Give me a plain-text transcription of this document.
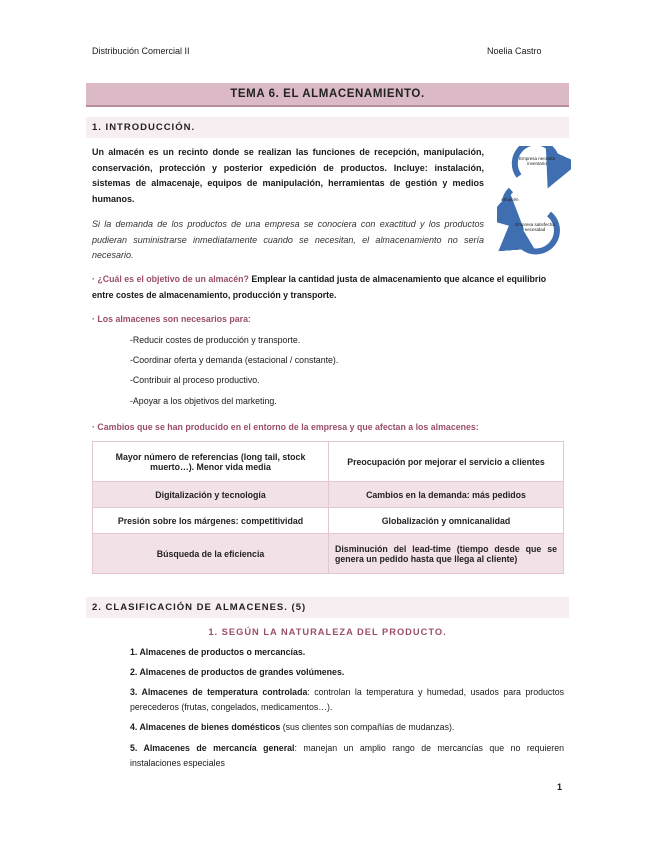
Distribución Comercial II	Noelia Castro
TEMA 6. EL ALMACENAMIENTO.
1. INTRODUCCIÓN.
Un almacén es un recinto donde se realizan las funciones de recepción, manipulación, conservación, protección y posterior expedición de productos. Incluye: instalación, sistemas de almacenaje, equipos de manipulación, herramientas de gestión y medios humanos.
Si la demanda de los productos de una empresa se conociera con exactitud y los productos pudieran suministrarse inmediatamente cuando se necesitan, el almacenamiento no sería necesario.
Empresa necesita inventario
Almacén
Empresa satisfecha necesidad
· ¿Cuál es el objetivo de un almacén? Emplear la cantidad justa de almacenamiento que alcance el equilibrio entre costes de almacenamiento, producción y transporte.
· Los almacenes son necesarios para:
-Reducir costes de producción y transporte.
-Coordinar oferta y demanda (estacional / constante).
-Contribuir al proceso productivo.
-Apoyar a los objetivos del marketing.
· Cambios que se han producido en el entorno de la empresa y que afectan a los almacenes:
Mayor número de referencias (long tail, stock muerto…). Menor vida media	Preocupación por mejorar el servicio a clientes
Digitalización y tecnología	Cambios en la demanda: más pedidos
Presión sobre los márgenes: competitividad	Globalización y omnicanalidad
Búsqueda de la eficiencia	Disminución del lead-time (tiempo desde que se genera un pedido hasta que llega al cliente)
2. CLASIFICACIÓN DE ALMACENES. (5)
1. SEGÚN LA NATURALEZA DEL PRODUCTO.
1. Almacenes de productos o mercancías.
2. Almacenes de productos de grandes volúmenes.
3. Almacenes de temperatura controlada: controlan la temperatura y humedad, usados para productos perecederos (frutas, congelados, medicamentos…).
4. Almacenes de bienes domésticos (sus clientes son compañías de mudanzas).
5. Almacenes de mercancía general: manejan un amplio rango de mercancías que no requieren instalaciones especiales
1
